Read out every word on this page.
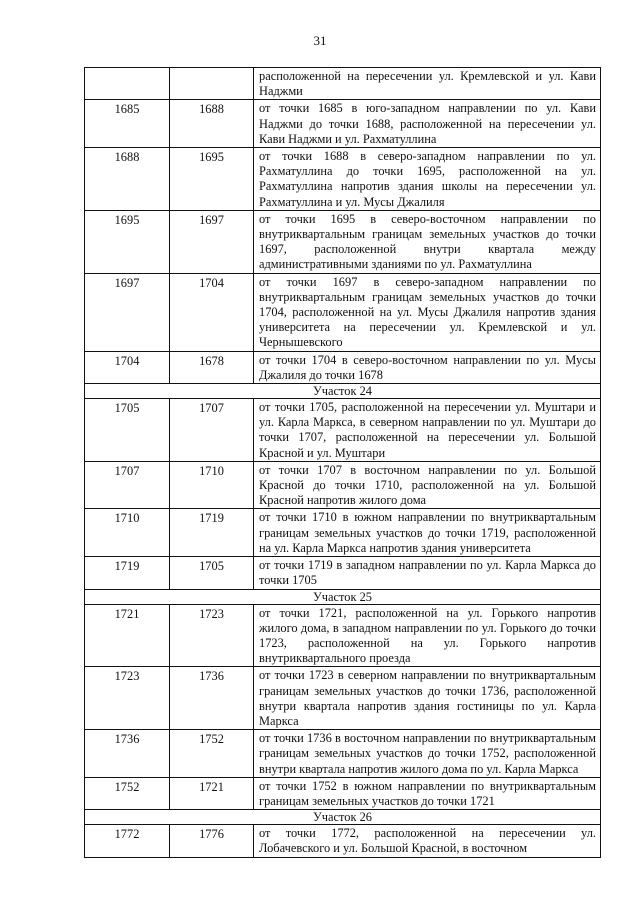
31
		расположенной на пересечении ул. Кремлевской и ул. Кави Наджми
1685	1688	от точки 1685 в юго-западном направлении по ул. Кави Наджми до точки 1688, расположенной на пересечении ул. Кави Наджми и ул. Рахматуллина
1688	1695	от точки 1688 в северо-западном направлении по ул. Рахматуллина до точки 1695, расположенной на ул. Рахматуллина напротив здания школы на пересечении ул. Рахматуллина и ул. Мусы Джалиля
1695	1697	от точки 1695 в северо-восточном направлении по внутриквартальным границам земельных участков до точки 1697, расположенной внутри квартала между административными зданиями по ул. Рахматуллина
1697	1704	от точки 1697 в северо-западном направлении по внутриквартальным границам земельных участков до точки 1704, расположенной на ул. Мусы Джалиля напротив здания университета на пересечении ул. Кремлевской и ул. Чернышевского
1704	1678	от точки 1704 в северо-восточном направлении по ул. Мусы Джалиля до точки 1678
Участок 24		
1705	1707	от точки 1705, расположенной на пересечении ул. Муштари и ул. Карла Маркса, в северном направлении по ул. Муштари до точки 1707, расположенной на пересечении ул. Большой Красной и ул. Муштари
1707	1710	от точки 1707 в восточном направлении по ул. Большой Красной до точки 1710, расположенной на ул. Большой Красной напротив жилого дома
1710	1719	от точки 1710 в южном направлении по внутриквартальным границам земельных участков до точки 1719, расположенной на ул. Карла Маркса напротив здания университета
1719	1705	от точки 1719 в западном направлении по ул. Карла Маркса до точки 1705
Участок 25		
1721	1723	от точки 1721, расположенной на ул. Горького напротив жилого дома, в западном направлении по ул. Горького до точки 1723, расположенной на ул. Горького напротив внутриквартального проезда
1723	1736	от точки 1723 в северном направлении по внутриквартальным границам земельных участков до точки 1736, расположенной внутри квартала напротив здания гостиницы по ул. Карла Маркса
1736	1752	от точки 1736 в восточном направлении по внутриквартальным границам земельных участков до точки 1752, расположенной внутри квартала напротив жилого дома по ул. Карла Маркса
1752	1721	от точки 1752 в южном направлении по внутриквартальным границам земельных участков до точки 1721
Участок 26		
1772	1776	от точки 1772, расположенной на пересечении ул. Лобачевского и ул. Большой Красной, в восточном
